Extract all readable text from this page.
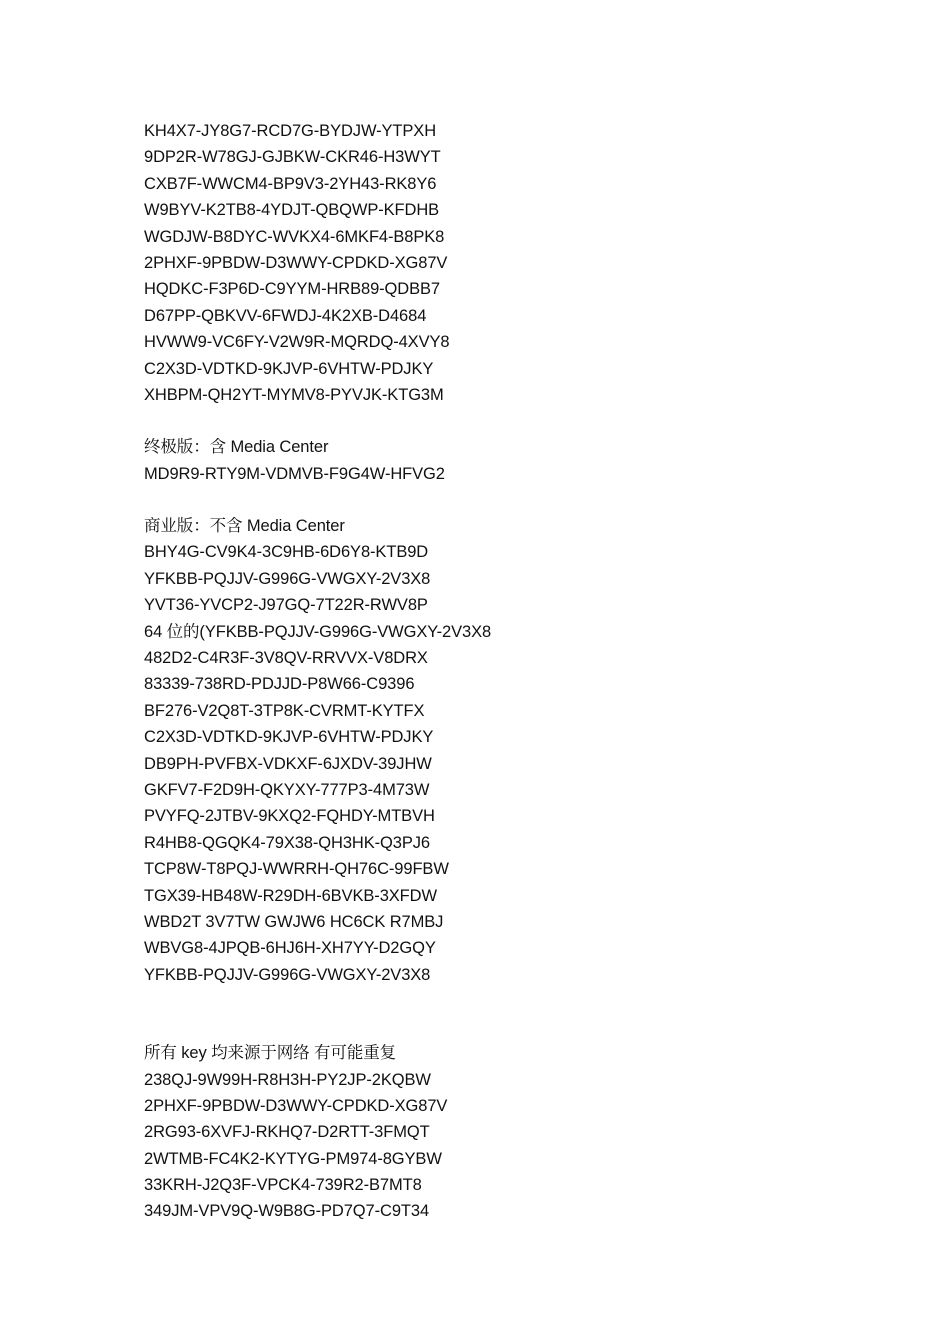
KH4X7-JY8G7-RCD7G-BYDJW-YTPXH
9DP2R-W78GJ-GJBKW-CKR46-H3WYT
CXB7F-WWCM4-BP9V3-2YH43-RK8Y6
W9BYV-K2TB8-4YDJT-QBQWP-KFDHB
WGDJW-B8DYC-WVKX4-6MKF4-B8PK8
2PHXF-9PBDW-D3WWY-CPDKD-XG87V
HQDKC-F3P6D-C9YYM-HRB89-QDBB7
D67PP-QBKVV-6FWDJ-4K2XB-D4684
HVWW9-VC6FY-V2W9R-MQRDQ-4XVY8
C2X3D-VDTKD-9KJVP-6VHTW-PDJKY
XHBPM-QH2YT-MYMV8-PYVJK-KTG3M
终极版：含 Media Center
MD9R9-RTY9M-VDMVB-F9G4W-HFVG2
商业版：不含 Media Center
BHY4G-CV9K4-3C9HB-6D6Y8-KTB9D
YFKBB-PQJJV-G996G-VWGXY-2V3X8
YVT36-YVCP2-J97GQ-7T22R-RWV8P
64 位的(YFKBB-PQJJV-G996G-VWGXY-2V3X8
482D2-C4R3F-3V8QV-RRVVX-V8DRX
83339-738RD-PDJJD-P8W66-C9396
BF276-V2Q8T-3TP8K-CVRMT-KYTFX
C2X3D-VDTKD-9KJVP-6VHTW-PDJKY
DB9PH-PVFBX-VDKXF-6JXDV-39JHW
GKFV7-F2D9H-QKYXY-777P3-4M73W
PVYFQ-2JTBV-9KXQ2-FQHDY-MTBVH
R4HB8-QGQK4-79X38-QH3HK-Q3PJ6
TCP8W-T8PQJ-WWRRH-QH76C-99FBW
TGX39-HB48W-R29DH-6BVKB-3XFDW
WBD2T 3V7TW GWJW6 HC6CK R7MBJ
WBVG8-4JPQB-6HJ6H-XH7YY-D2GQY
YFKBB-PQJJV-G996G-VWGXY-2V3X8
所有 key 均来源于网络 有可能重复
238QJ-9W99H-R8H3H-PY2JP-2KQBW
2PHXF-9PBDW-D3WWY-CPDKD-XG87V
2RG93-6XVFJ-RKHQ7-D2RTT-3FMQT
2WTMB-FC4K2-KYTYG-PM974-8GYBW
33KRH-J2Q3F-VPCK4-739R2-B7MT8
349JM-VPV9Q-W9B8G-PD7Q7-C9T34
